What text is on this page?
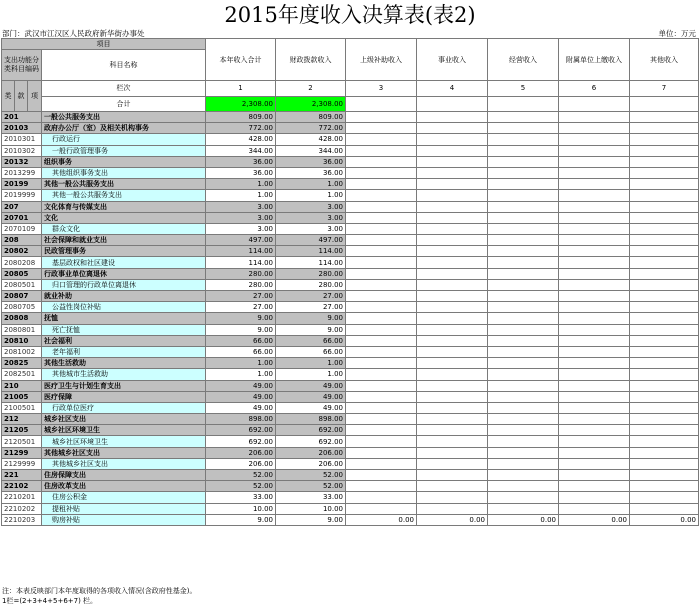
2015年度收入决算表(表2)
部门：武汉市江汉区人民政府新华街办事处	单位：万元
项目				本年收入合计	财政拨款收入	上级补助收入	事业收入	经营收入	附属单位上缴收入	其他收入
支出功能分类科目编码			科目名称							

类	款	项								
			栏次	1	2	3	4	5	6	7
			合计	2,308.00	2,308.00					
201			一般公共服务支出	809.00	809.00					
20103			政府办公厅（室）及相关机构事务	772.00	772.00					
2010301			行政运行	428.00	428.00					
2010302			一般行政管理事务	344.00	344.00					
20132			组织事务	36.00	36.00					
2013299			其他组织事务支出	36.00	36.00					
20199			其他一般公共服务支出	1.00	1.00					
2019999			其他一般公共服务支出	1.00	1.00					
207			文化体育与传媒支出	3.00	3.00					
20701			文化	3.00	3.00					
2070109			群众文化	3.00	3.00					
208			社会保障和就业支出	497.00	497.00					
20802			民政管理事务	114.00	114.00					
2080208			基层政权和社区建设	114.00	114.00					
20805			行政事业单位离退休	280.00	280.00					
2080501			归口管理的行政单位离退休	280.00	280.00					
20807			就业补助	27.00	27.00					
2080705			公益性岗位补贴	27.00	27.00					
20808			抚恤	9.00	9.00					
2080801			死亡抚恤	9.00	9.00					
20810			社会福利	66.00	66.00					
2081002			老年福利	66.00	66.00					
20825			其他生活救助	1.00	1.00					
2082501			其他城市生活救助	1.00	1.00					
210			医疗卫生与计划生育支出	49.00	49.00					
21005			医疗保障	49.00	49.00					
2100501			行政单位医疗	49.00	49.00					
212			城乡社区支出	898.00	898.00					
21205			城乡社区环境卫生	692.00	692.00					
2120501			城乡社区环境卫生	692.00	692.00					
21299			其他城乡社区支出	206.00	206.00					
2129999			其他城乡社区支出	206.00	206.00					
221			住房保障支出	52.00	52.00					
22102			住房改革支出	52.00	52.00					
2210201			住房公积金	33.00	33.00					
2210202			提租补贴	10.00	10.00					
2210203			购房补贴	9.00	9.00	0.00	0.00	0.00	0.00	0.00
注：本表反映部门本年度取得的各项收入情况(含政府性基金)。
1栏=(2+3+4+5+6+7) 栏。
